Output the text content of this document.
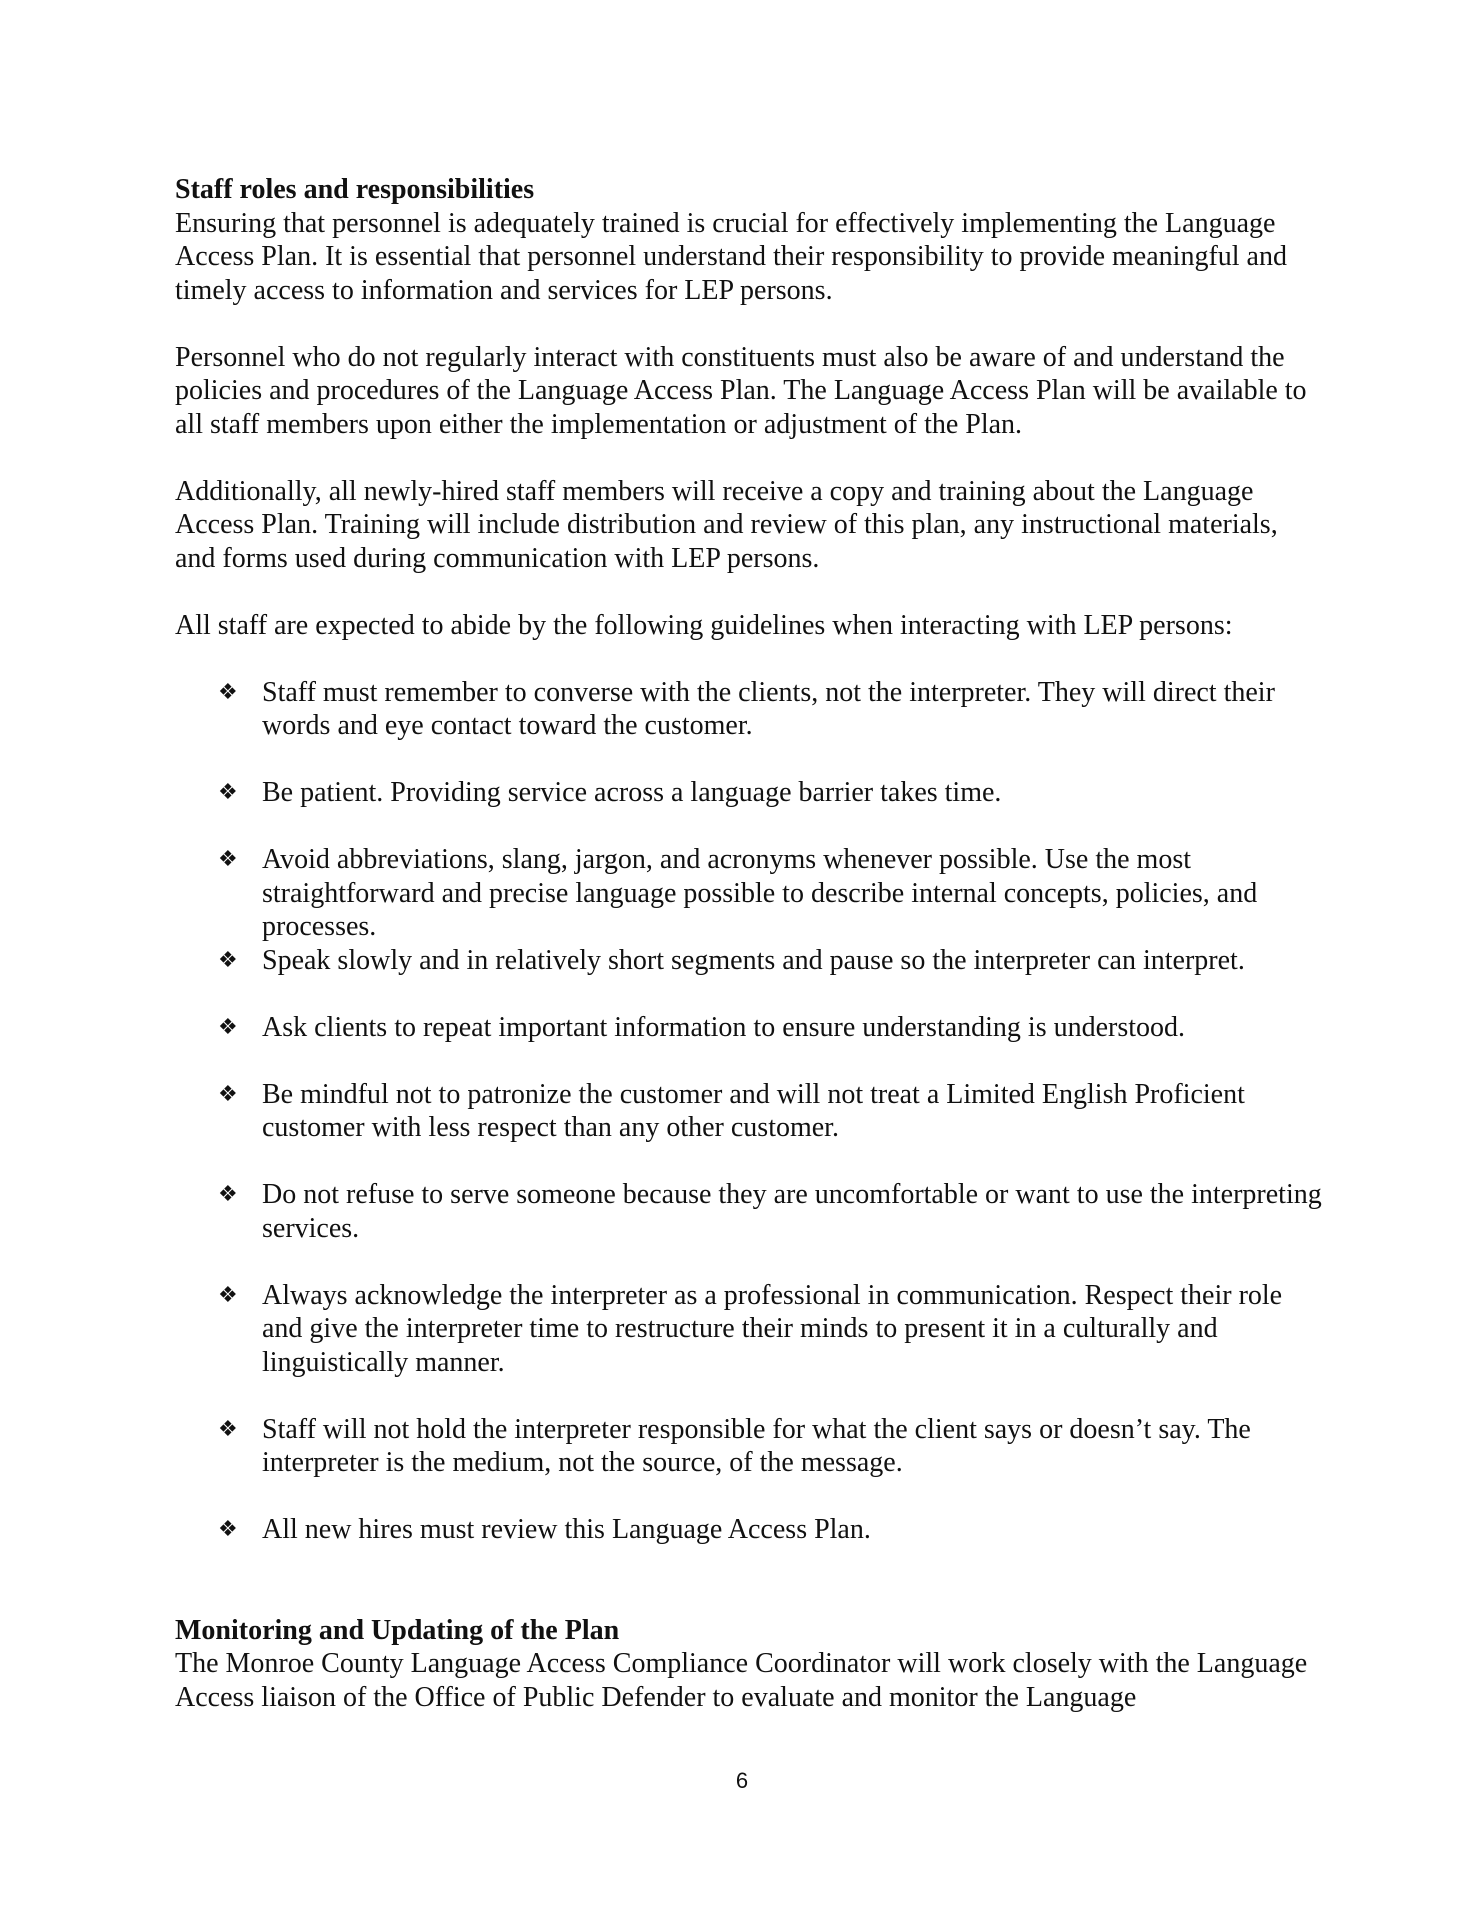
Staff roles and responsibilities

Ensuring that personnel is adequately trained is crucial for effectively implementing the Language Access Plan. It is essential that personnel understand their responsibility to provide meaningful and timely access to information and services for LEP persons.

Personnel who do not regularly interact with constituents must also be aware of and understand the policies and procedures of the Language Access Plan. The Language Access Plan will be available to all staff members upon either the implementation or adjustment of the Plan.

Additionally, all newly-hired staff members will receive a copy and training about the Language Access Plan. Training will include distribution and review of this plan, any instructional materials, and forms used during communication with LEP persons.

All staff are expected to abide by the following guidelines when interacting with LEP persons:

❖ Staff must remember to converse with the clients, not the interpreter. They will direct their words and eye contact toward the customer.
❖ Be patient. Providing service across a language barrier takes time.
❖ Avoid abbreviations, slang, jargon, and acronyms whenever possible. Use the most straightforward and precise language possible to describe internal concepts, policies, and processes.
❖ Speak slowly and in relatively short segments and pause so the interpreter can interpret.
❖ Ask clients to repeat important information to ensure understanding is understood.
❖ Be mindful not to patronize the customer and will not treat a Limited English Proficient customer with less respect than any other customer.
❖ Do not refuse to serve someone because they are uncomfortable or want to use the interpreting services.
❖ Always acknowledge the interpreter as a professional in communication. Respect their role and give the interpreter time to restructure their minds to present it in a culturally and linguistically manner.
❖ Staff will not hold the interpreter responsible for what the client says or doesn’t say. The interpreter is the medium, not the source, of the message.
❖ All new hires must review this Language Access Plan.

Monitoring and Updating of the Plan

The Monroe County Language Access Compliance Coordinator will work closely with the Language Access liaison of the Office of Public Defender to evaluate and monitor the Language

6
